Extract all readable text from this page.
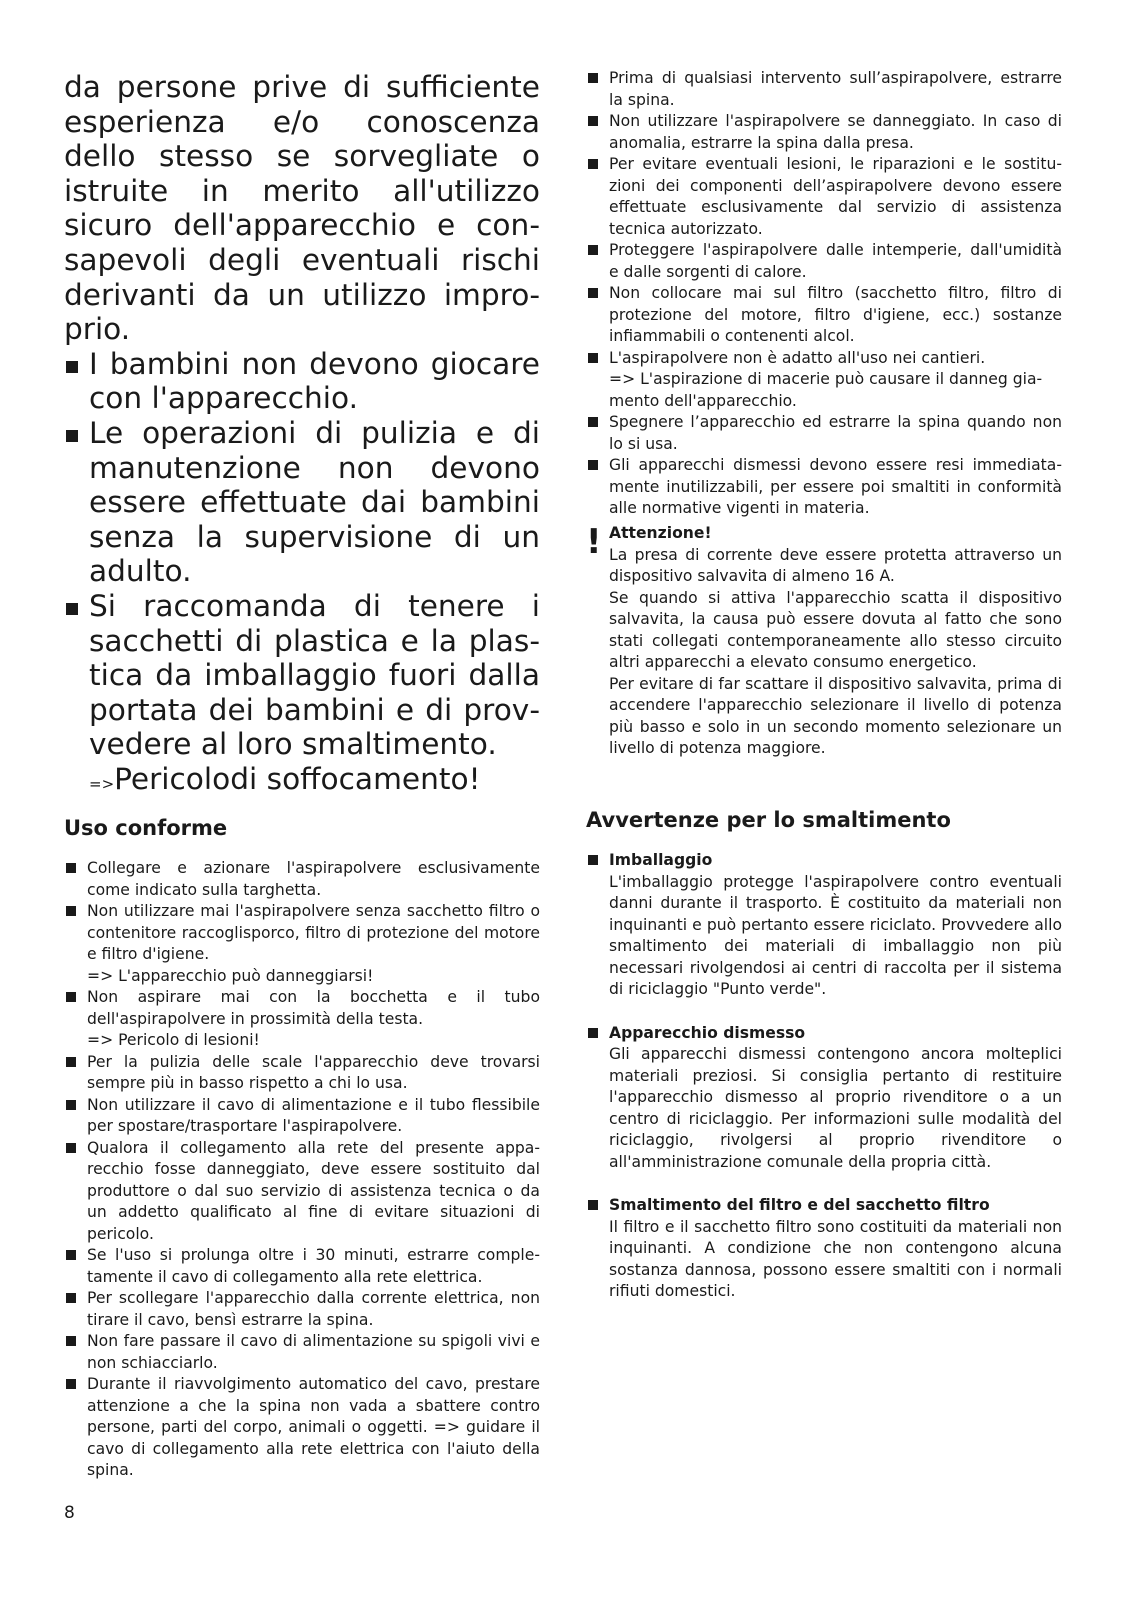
da persone prive di sufficiente esperienza e/o conoscenza dello stesso se sorvegliate o istruite in merito all'utilizzo sicuro dell'apparecchio e consapevoli degli eventuali rischi derivanti da un utilizzo improprio.
I bambini non devono giocare con l'apparecchio.
Le operazioni di pulizia e di manutenzione non devono essere effettuate dai bambini senza la supervisione di un adulto.
Si raccomanda di tenere i sacchetti di plastica e la plastica da imballaggio fuori dalla portata dei bambini e di provvedere al loro smaltimento.
=>Pericolodi soffocamento!
Uso conforme
Collegare e azionare l'aspirapolvere esclusivamente come indicato sulla targhetta.
Non utilizzare mai l'aspirapolvere senza sacchetto filtro o contenitore raccoglisporco, filtro di protezione del motore e filtro d'igiene.
=> L'apparecchio può danneggiarsi!
Non aspirare mai con la bocchetta e il tubo dell'aspirapolvere in prossimità della testa.
=> Pericolo di lesioni!
Per la pulizia delle scale l'apparecchio deve trovarsi sempre più in basso rispetto a chi lo usa.
Non utilizzare il cavo di alimentazione e il tubo flessibile per spostare/trasportare l'aspirapolvere.
Qualora il collegamento alla rete del presente apparecchio fosse danneggiato, deve essere sostituito dal produttore o dal suo servizio di assistenza tecnica o da un addetto qualificato al fine di evitare situazioni di pericolo.
Se l'uso si prolunga oltre i 30 minuti, estrarre completamente il cavo di collegamento alla rete elettrica.
Per scollegare l'apparecchio dalla corrente elettrica, non tirare il cavo, bensì estrarre la spina.
Non fare passare il cavo di alimentazione su spigoli vivi e non schiacciarlo.
Durante il riavvolgimento automatico del cavo, prestare attenzione a che la spina non vada a sbattere contro persone, parti del corpo, animali o oggetti. => guidare il cavo di collegamento alla rete elettrica con l'aiuto della spina.
Prima di qualsiasi intervento sull’aspirapolvere, estrarre la spina.
Non utilizzare l'aspirapolvere se danneggiato. In caso di anomalia, estrarre la spina dalla presa.
Per evitare eventuali lesioni, le riparazioni e le sostituzioni dei componenti dell’aspirapolvere devono essere effettuate esclusivamente dal servizio di assistenza tecnica autorizzato.
Proteggere l'aspirapolvere dalle intemperie, dall'umidità e dalle sorgenti di calore.
Non collocare mai sul filtro (sacchetto filtro, filtro di protezione del motore, filtro d'igiene, ecc.) sostanze infiammabili o contenenti alcol.
L'aspirapolvere non è adatto all'uso nei cantieri.
=> L'aspirazione di macerie può causare il danneg giamento dell'apparecchio.
Spegnere l’apparecchio ed estrarre la spina quando non lo si usa.
Gli apparecchi dismessi devono essere resi immediatamente inutilizzabili, per essere poi smaltiti in conformità alle normative vigenti in materia.
! Attenzione!

La presa di corrente deve essere protetta attraverso un dispositivo salvavita di almeno 16 A.

Se quando si attiva l'apparecchio scatta il dispositivo salvavita, la causa può essere dovuta al fatto che sono stati collegati contemporaneamente allo stesso circuito altri apparecchi a elevato consumo energetico.

Per evitare di far scattare il dispositivo salvavita, prima di accendere l'apparecchio selezionare il livello di potenza più basso e solo in un secondo momento selezionare un livello di potenza maggiore.

Avvertenze per lo smaltimento
Imballaggio

L'imballaggio protegge l'aspirapolvere contro eventuali danni durante il trasporto. È costituito da materiali non inquinanti e può pertanto essere riciclato. Provvedere allo smaltimento dei materiali di imballaggio non più necessari rivolgendosi ai centri di raccolta per il sistema di riciclaggio "Punto verde".

Apparecchio dismesso

Gli apparecchi dismessi contengono ancora molteplici materiali preziosi. Si consiglia pertanto di restituire l'apparecchio dismesso al proprio rivenditore o a un centro di riciclaggio. Per informazioni sulle modalità del riciclaggio, rivolgersi al proprio rivenditore o all'amministrazione comunale della propria città.

Smaltimento del filtro e del sacchetto filtro

Il filtro e il sacchetto filtro sono costituiti da materiali non inquinanti. A condizione che non contengono alcuna sostanza dannosa, possono essere smaltiti con i normali rifiuti domestici.

8
